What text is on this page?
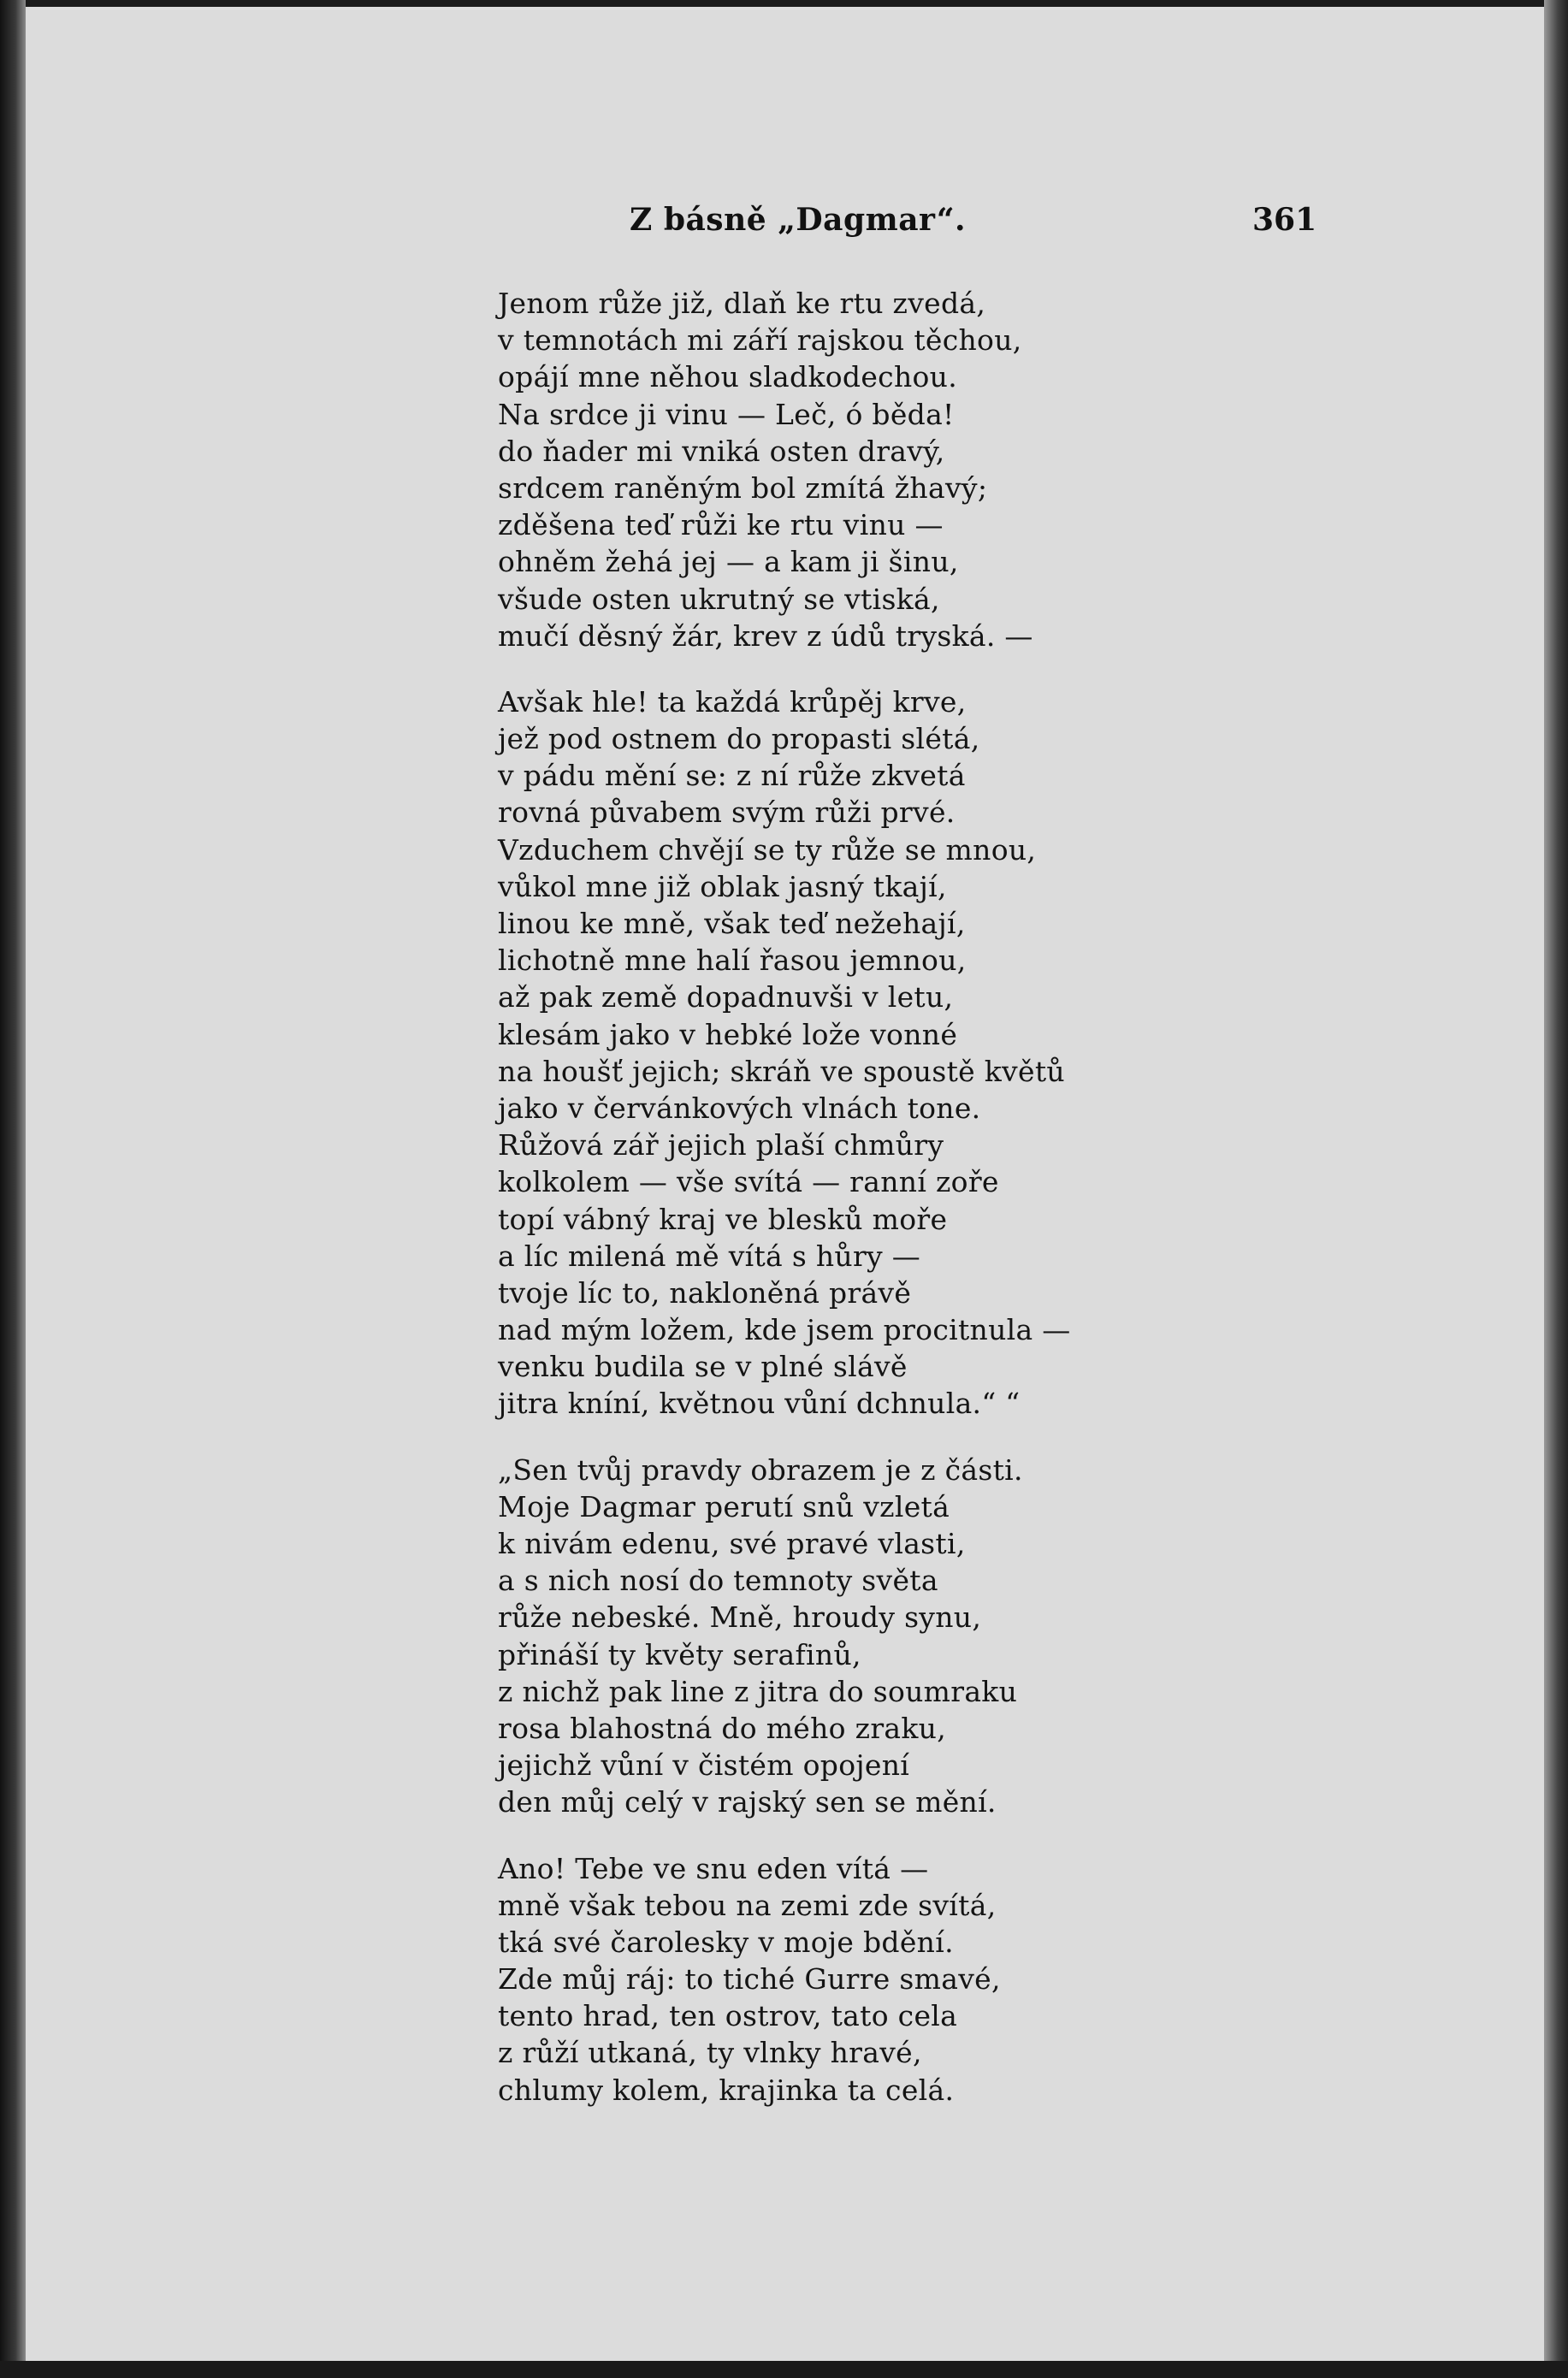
Z básně „Dagmar“.	361
Jenom růže již, dlaň ke rtu zvedá,
v temnotách mi září rajskou těchou,
opájí mne něhou sladkodechou.
Na srdce ji vinu — Leč, ó běda!
do ňader mi vniká osten dravý,
srdcem raněným bol zmítá žhavý;
zděšena teď růži ke rtu vinu —
ohněm žehá jej — a kam ji šinu,
všude osten ukrutný se vtiská,
mučí děsný žár, krev z údů tryská. —
Avšak hle! ta každá krůpěj krve,
jež pod ostnem do propasti slétá,
v pádu mění se: z ní růže zkvetá
rovná půvabem svým růži prvé.
Vzduchem chvějí se ty růže se mnou,
vůkol mne již oblak jasný tkají,
linou ke mně, však teď nežehají,
lichotně mne halí řasou jemnou,
až pak země dopadnuvši v letu,
klesám jako v hebké lože vonné
na houšť jejich; skráň ve spoustě květů
jako v červánkových vlnách tone.
Růžová zář jejich plaší chmůry
kolkolem — vše svítá — ranní zoře
topí vábný kraj ve blesků moře
a líc milená mě vítá s hůry —
tvoje líc to, nakloněná právě
nad mým ložem, kde jsem procitnula —
venku budila se v plné slávě
jitra kníní, květnou vůní dchnula.“ “
„Sen tvůj pravdy obrazem je z části.
Moje Dagmar perutí snů vzletá
k nivám edenu, své pravé vlasti,
a s nich nosí do temnoty světa
růže nebeské. Mně, hroudy synu,
přináší ty květy serafinů,
z nichž pak line z jitra do soumraku
rosa blahostná do mého zraku,
jejichž vůní v čistém opojení
den můj celý v rajský sen se mění.
Ano! Tebe ve snu eden vítá —
mně však tebou na zemi zde svítá,
tká své čarolesky v moje bdění.
Zde můj ráj: to tiché Gurre smavé,
tento hrad, ten ostrov, tato cela
z růží utkaná, ty vlnky hravé,
chlumy kolem, krajinka ta celá.
